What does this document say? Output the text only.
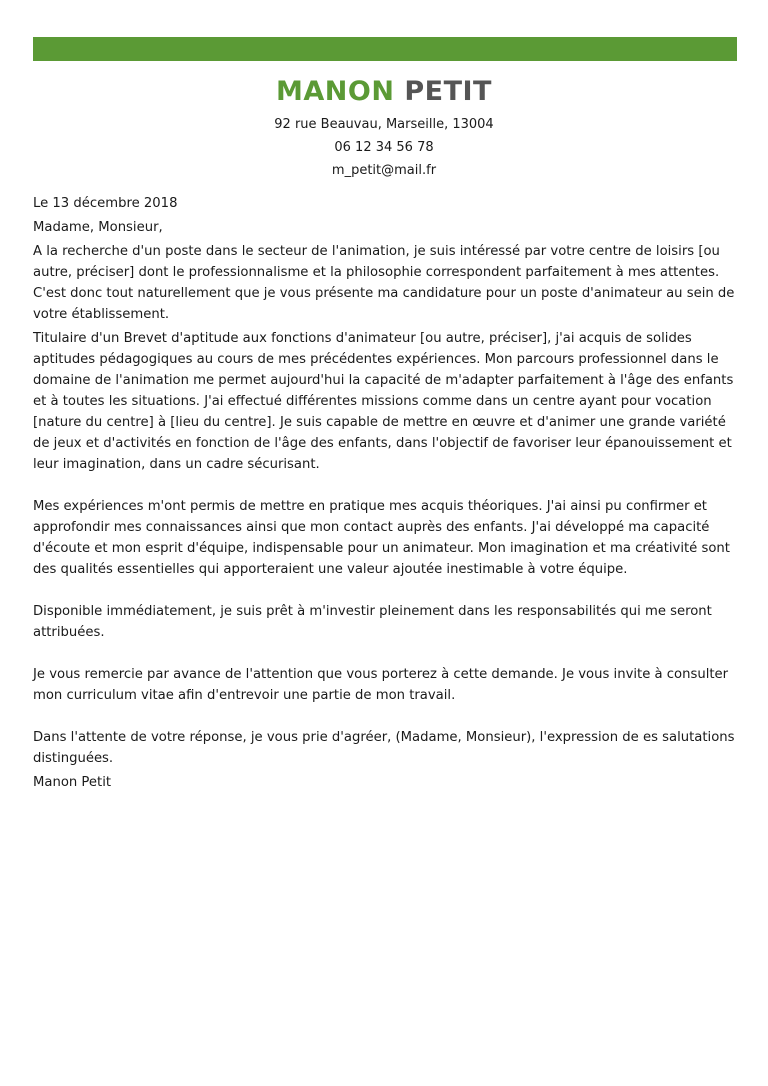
MANON PETIT

92 rue Beauvau, Marseille, 13004

06 12 34 56 78

m_petit@mail.fr

Le 13 décembre 2018

Madame, Monsieur,

A la recherche d'un poste dans le secteur de l'animation, je suis intéressé par votre centre de loisirs [ou autre, préciser] dont le professionnalisme et la philosophie correspondent parfaitement à mes attentes. C'est donc tout naturellement que je vous présente ma candidature pour un poste d'animateur au sein de votre établissement.

Titulaire d'un Brevet d'aptitude aux fonctions d'animateur [ou autre, préciser], j'ai acquis de solides aptitudes pédagogiques au cours de mes précédentes expériences. Mon parcours professionnel dans le domaine de l'animation me permet aujourd'hui la capacité de m'adapter parfaitement à l'âge des enfants et à toutes les situations. J'ai effectué différentes missions comme dans un centre ayant pour vocation [nature du centre] à [lieu du centre]. Je suis capable de mettre en œuvre et d'animer une grande variété de jeux et d'activités en fonction de l'âge des enfants, dans l'objectif de favoriser leur épanouissement et leur imagination, dans un cadre sécurisant.

Mes expériences m'ont permis de mettre en pratique mes acquis théoriques. J'ai ainsi pu confirmer et approfondir mes connaissances ainsi que mon contact auprès des enfants. J'ai développé ma capacité d'écoute et mon esprit d'équipe, indispensable pour un animateur. Mon imagination et ma créativité sont des qualités essentielles qui apporteraient une valeur ajoutée inestimable à votre équipe.

Disponible immédiatement, je suis prêt à m'investir pleinement dans les responsabilités qui me seront attribuées.

Je vous remercie par avance de l'attention que vous porterez à cette demande. Je vous invite à consulter mon curriculum vitae afin d'entrevoir une partie de mon travail.

Dans l'attente de votre réponse, je vous prie d'agréer, (Madame, Monsieur), l'expression de es salutations distinguées.

Manon Petit
